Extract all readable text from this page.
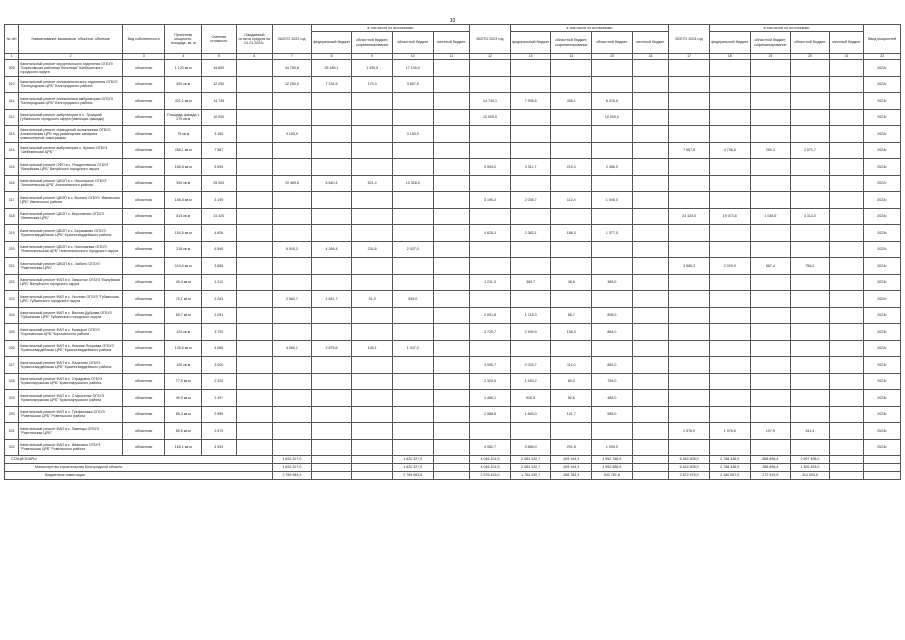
10
№ п/п	Наименование заказчиков, объектов, объемов	Вид собственности	Проектная мощность, площадь, кв. м	Сметная стоимость	Ожидаемый остаток средств на 01.01.2022г.	ВСЕГО 2022 год	в том числе по источникам:				ВСЕГО 2023 год	в том числе по источникам:				ВСЕГО 2024 год	в том числе по источникам:				Ввод мощностей
							федеральный бюджет	областной бюджет, софинансирование	областной бюджет	местный бюджет		федеральный бюджет	областной бюджет, софинансирование	областной бюджет	местный бюджет		федеральный бюджет	областной бюджет, софинансирование	областной бюджет	местный бюджет	
1	2	3	4	5	6	7	8	9	10	11	12	13	14	15	16	17	18	19	20	21	22
309	Капитальный ремонт хирургического отделения ОГБУЗ "Борисовская районная больница" Шебекинского городского округа	областная	1 120 кв.м	44 800		44 750,8	26 185,1	1 439,9	17 105,0												2022г.
310	Капитальный ремонт поликлинического отделения ОГБУЗ "Белгородская ЦРБ" Белгородского района	областная	300 кв.м	12 250		12 250,0	7 234,5	170,0	3 857,5												2022г.
311	Капитальный ремонт поликлиники амбулатории ОГБУЗ "Белгородская ЦРБ" Белгородского района	областная	421,1 кв.м	14 749							14 749,1	7 936,5	436,1	6 376,5							2023г.
312	Капитальный ремонт амбулатории в с. Троицкий Губкинского городского округа (имеющих фасады)	областная	Площадь фасада 1 270 кв.м	10 000							10 000,0			10 000,0							2023г.
313	Капитальный ремонт помещений поликлиники ОГБУЗ Алексеевская ЦРБ под размещение аппарата компьютерной томографии	областная	70 кв.м	3 150		3 150,0			3 150,0												2022г.
314	Капитальный ремонт амбулатории с. Купино ОГБУЗ "Шебекинская ЦРБ"	областная	256,1 кв.м	7 567												7 567,8	4 736,6	260,3	2 571,7		2024г.
315	Капитальный ремонт ОФП в с. Рождественка ОГБУЗ "Валуйская ЦРБ" Валуйского городского округа	областная	155,8 кв.м	5 594							5 594,0	3 011,7	215,3	2 366,0							2023г.
316	Капитальный ремонт ЦВОП в с. Никольское ОГБУЗ "Алексеевская ЦРБ" Алексеевского района	областная	350 кв.м	25 000		19 489,8	6 640,4	521,4	13 328,0												2022г.
317	Капитальный ремонт ЦВОП в с. Волоты ОГБУЗ "Ивнянская ЦРБ" Ивнянского района	областная	106,5 кв.м	3 195							3 195,2	2 036,7	112,4	1 046,0							2023г.
318	Капитальный ремонт ЦВОП с. Верхопенье ОГБУЗ "Ивнянская ЦРБ"	областная	814 кв.м	24 420												24 420,0	19 073,6	1 048,5	4 313,0		2024г.
319	Капитальный ремонт ЦВОП в с. Бершаково ОГБУЗ "Красногвардейская ЦРБ" Красногвардейского района	областная	154,5 кв.м	4 626							4 626,4	3 383,1	186,3	1 077,0							2023г.
320	Капитальный ремонт ЦВОП в с. Николаевка ОГБУЗ "Новооскольская ЦРБ" Новооскольского городского округа	областная	218 кв.м	6 540		6 540,3	4 268,4	234,8	2 037,0												2022г.
321	Капитальный ремонт ЦВОП в с. Зыбино ОГБУЗ "Ракитянская ЦРБ"	областная	119,6 кв.м	3 585												3 585,3	2 029,9	587,4	756,0		2024г.
322	Капитальный ремонт ФАП в с. Замостье ОГБУЗ "Валуйская ЦРБ" Валуйского городского округа	областная	40,4 кв.м	1 212							1 211,3	383,7	48,6	389,0							2023г.
323	Капитальный ремонт ФАП в с. Уколово ОГБУЗ "Губкинская ЦРБ" Губкинского городского округа	областная	75,1 кв.м	2 263		2 882,7	1 651,7	91,9	539,0												2022г.
324	Капитальный ремонт ФАП в с. Вислая Дубрава ОГБУЗ "Губкинская ЦРБ" Губкинского городского округа	областная	69,7 кв.м	2 091							2 091,8	1 216,3	66,7	808,0							2023г.
325	Капитальный ремонт ФАП в с. Казацкое ОГБУЗ "Корочанская ЦРБ" Корочанского района	областная	124 кв.м	3 720							3 720,7	2 499,9	156,3	864,0							2023г.
326	Капитальный ремонт ФАП в с. Нижняя Покровка ОГБУЗ "Красногвардейская ЦРБ" Красногвардейского района	областная	135,6 кв.м	4 068		4 068,1	2 875,6	145,1	1 047,0												2022г.
327	Капитальный ремонт ФАП в с. Палатово ОГБУЗ "Красногвардейская ЦРБ" Красногвардейского района	областная	100 кв.м	3 000							3 000,7	2 025,7	111,0	862,0							2023г.
328	Капитальный ремонт ФАП в с. Отрадовка ОГБУЗ "Краснояружская ЦРБ" Краснояружского района	областная	77,5 кв.м	2 325							2 325,5	1 493,2	80,3	796,0							2023г.
329	Капитальный ремонт ФАП в с. Староселье ОГБУЗ "Краснояружская ЦРБ" Краснояружского района	областная	49,9 кв.м	1 497							1 466,1	926,5	50,6	489,0							2023г.
330	Капитальный ремонт ФАП в с. Трефиловка ОГБУЗ "Ровеньская ЦРБ" Ровеньского района	областная	86,3 кв.м	2 589							2 588,8	1 845,0	101,7	589,0							2023г.
331	Капитальный ремонт ФАП в с. Лавенцы ОГБУЗ "Ракитянская ЦРБ"	областная	89,6 кв.м	2 679												2 678,9	1 976,6	107,5	613,4		2024г.
332	Капитальный ремонт ФАП в с. Ивановка ОГБУЗ "Ровеньская ЦРБ" Ровеньского района	областная	165,1 кв.м	4 953							4 982,7	3 686,0	201,8	1 095,0							2023г.
СТАЦИОНАРЫ						1 620 327,0			1 620 327,0		4 046 101,5	2 084 120,7	409 194,3	1 552 786,9		6 462 608,0	2 788 348,9	888 898,4	2 997 498,0		
Министерство строительства Белгородской области						1 620 327,0			1 620 327,0		4 046 101,5	2 084 120,7	409 194,3	1 552 586,9		6 442 608,0	2 788 348,9	388 898,4	1 365 493,0		
Бюджетные инвестиции						2 759 983,9			2 759 983,6		2 576 415,0	1 764 430,7	268 784,3	542 781,8		2 872 976,0	2 180 557,0	272 519,5	312 003,0		
